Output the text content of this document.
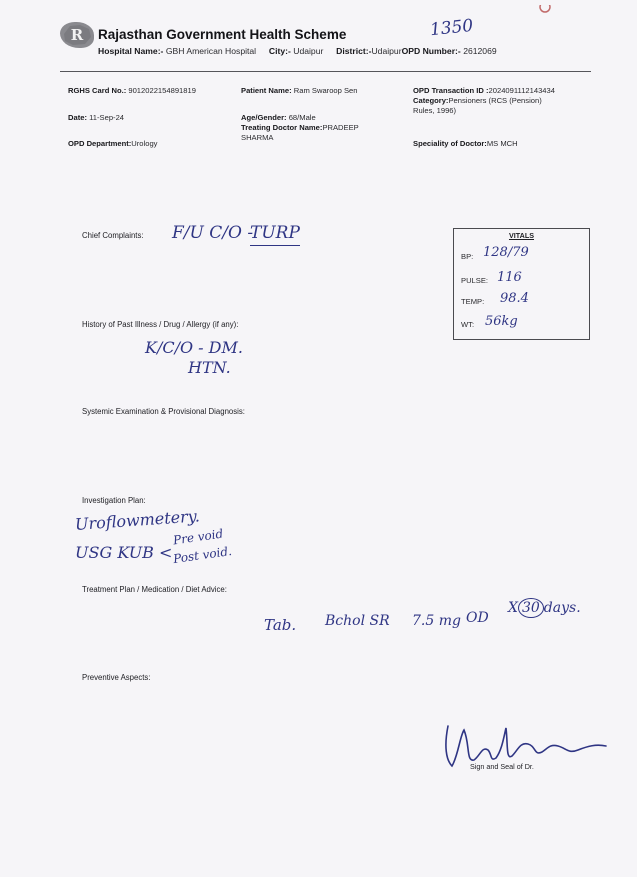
R Rajasthan Government Health Scheme
Hospital Name:- GBH American Hospital City:- Udaipur District:-UdaipurOPD Number:- 2612069
1350
RGHS Card No.: 9012022154891819	Patient Name: Ram Swaroop Sen	OPD Transaction ID :2024091112143434
Category:Pensioners (RCS (Pension)
Rules, 1996)
Date: 11-Sep-24	Age/Gender: 68/Male
Treating Doctor Name:PRADEEP
SHARMA
OPD Department:Urology	Speciality of Doctor:MS MCH
VITALS
BP: 128/79
PULSE: 116
TEMP: 98.4
WT: 56kg
Chief Complaints: F/U C/O -
TURP
History of Past Illness / Drug / Allergy (if any):
K/C/O - DM.
HTN.
Systemic Examination & Provisional Diagnosis:
Investigation Plan:
Uroflowmetery.
USG KUB <
Pre void
Post void.
Treatment Plan / Medication / Diet Advice:
Tab. Bchol SR 7.5 mg OD
X 30 days.
Preventive Aspects:
Sign and Seal of Dr.
